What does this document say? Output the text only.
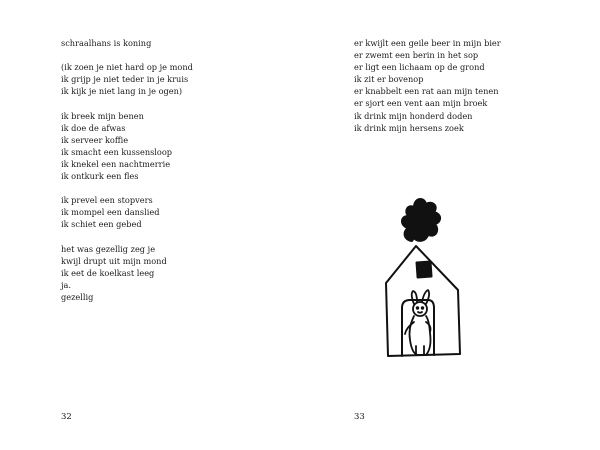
schraalhans is koning
(ik zoen je niet hard op je mond
ik grijp je niet teder in je kruis
ik kijk je niet lang in je ogen)
ik breek mijn benen
ik doe de afwas
ik serveer koffie
ik smacht een kussensloop
ik knekel een nachtmerrie
ik ontkurk een fles
ik prevel een stopvers
ik mompel een danslied
ik schiet een gebed
het was gezellig zeg je
kwijl drupt uit mijn mond
ik eet de koelkast leeg
ja.
gezellig
32
er kwijlt een geile beer in mijn bier
er zwemt een berin in het sop
er ligt een lichaam op de grond
ik zit er bovenop
er knabbelt een rat aan mijn tenen
er sjort een vent aan mijn broek
ik drink mijn honderd doden
ik drink mijn hersens zoek
33
